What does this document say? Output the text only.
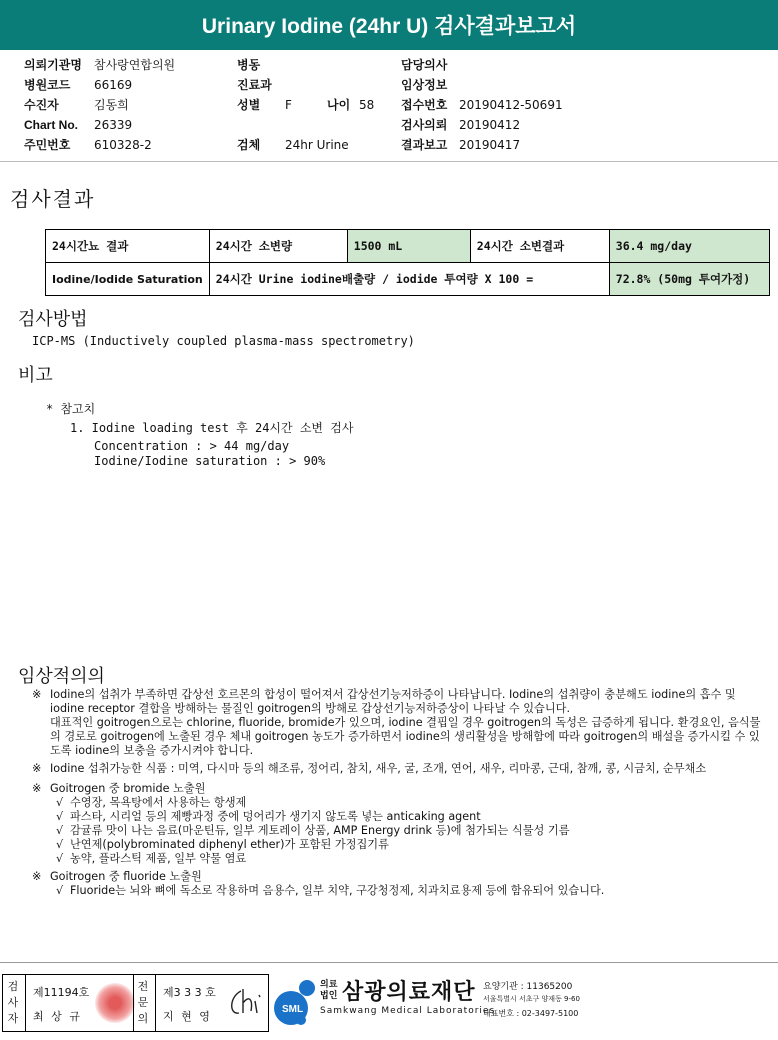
Urinary Iodine (24hr U) 검사결과보고서
의뢰기관명 참사랑연합의원
병원코드 66169
수진자	김동희
Chart No. 26339
주민번호 610328-2
병동
진료과
성별 F	나이 58
검체 24hr Urine
담당의사
임상정보
접수번호 20190412-50691
검사의뢰 20190412
결과보고 20190417
검사결과
24시간뇨 결과	24시간 소변량	1500 mL	24시간 소변결과	36.4 mg/day
Iodine/Iodide Saturation	24시간 Urine iodine배출량 / iodide 투여량 X 100 =			72.8% (50mg 투여가정)
검사방법
ICP-MS (Inductively coupled plasma-mass spectrometry)
비고
* 참고치
1. Iodine loading test 후 24시간 소변 검사
Concentration : > 44 mg/day
Iodine/Iodine saturation : > 90%
임상적의의
※ Iodine의 섭취가 부족하면 갑상선 호르몬의 합성이 떨어져서 갑상선기능저하증이 나타납니다. Iodine의 섭취량이 충분해도 iodine의 흡수 및 iodine receptor 결합을 방해하는 물질인 goitrogen의 방해로 갑상선기능저하증상이 나타날 수 있습니다.
대표적인 goitrogen으로는 chlorine, fluoride, bromide가 있으며, iodine 결핍일 경우 goitrogen의 독성은 급증하게 됩니다. 환경요인, 음식물의 경로로 goitrogen에 노출된 경우 체내 goitrogen 농도가 증가하면서 iodine의 생리활성을 방해함에 따라 goitrogen의 배설을 증가시킬 수 있도록 iodine의 보충을 증가시켜야 합니다.
※ Iodine 섭취가능한 식품 : 미역, 다시마 등의 해조류, 정어리, 참치, 새우, 굴, 조개, 연어, 새우, 리마콩, 근대, 참깨, 콩, 시금치, 순무채소
※ Goitrogen 중 bromide 노출원
√ 수영장, 목욕탕에서 사용하는 항생제
√ 파스타, 시리얼 등의 제빵과정 중에 덩어리가 생기지 않도록 넣는 anticaking agent
√ 감귤류 맛이 나는 음료(마운틴듀, 일부 게토레이 상품, AMP Energy drink 등)에 첨가되는 식물성 기름
√ 난연제(polybrominated diphenyl ether)가 포함된 가정집기류
√ 농약, 플라스틱 제품, 일부 약물 염료
※ Goitrogen 중 fluoride 노출원
√ Fluoride는 뇌와 뼈에 독소로 작용하며 음용수, 일부 치약, 구강청정제, 치과치료용제 등에 함유되어 있습니다.
검사자
제11194호
최 상 규
전문의
제3 3 3 호
지 현 영
SML
의료법인 삼광의료재단
Samkwang Medical Laboratories
요양기관 : 11365200
서울특별시 서초구 양재동 9-60
대표번호 : 02-3497-5100
